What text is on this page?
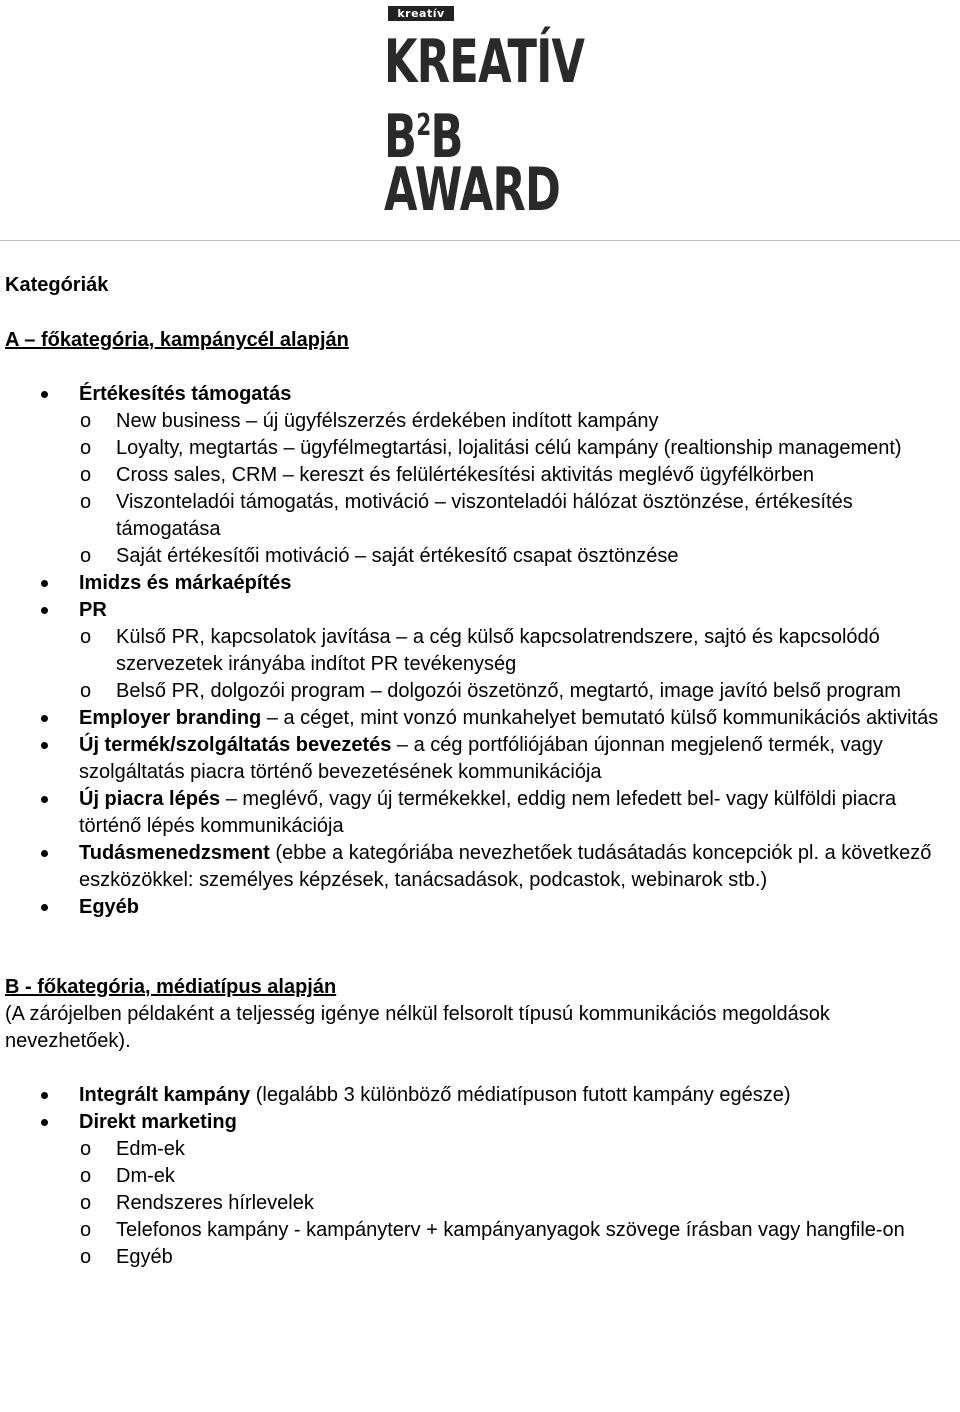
kreatív
KREATÍV
$B^2B$
AWARD

Kategóriák

A – főkategória, kampánycél alapján

Értékesítés támogatás
o New business – új ügyfélszerzés érdekében indított kampány
o Loyalty, megtartás – ügyfélmegtartási, lojalitási célú kampány (realtionship management)
o Cross sales, CRM – kereszt és felülértékesítési aktivitás meglévő ügyfélkörben
o Viszonteladói támogatás, motiváció – viszonteladói hálózat ösztönzése, értékesítés támogatása
o Saját értékesítői motiváció – saját értékesítő csapat ösztönzése
Imidzs és márkaépítés
PR
o Külső PR, kapcsolatok javítása – a cég külső kapcsolatrendszere, sajtó és kapcsolódó szervezetek irányába indítot PR tevékenység
o Belső PR, dolgozói program – dolgozói öszetönző, megtartó, image javító belső program
Employer branding – a céget, mint vonzó munkahelyet bemutató külső kommunikációs aktivitás
Új termék/szolgáltatás bevezetés – a cég portfóliójában újonnan megjelenő termék, vagy szolgáltatás piacra történő bevezetésének kommunikációja
Új piacra lépés – meglévő, vagy új termékekkel, eddig nem lefedett bel- vagy külföldi piacra történő lépés kommunikációja
Tudásmenedzsment (ebbe a kategóriába nevezhetőek tudásátadás koncepciók pl. a következő eszközökkel: személyes képzések, tanácsadások, podcastok, webinarok stb.)
Egyéb

B - főkategória, médiatípus alapján

(A zárójelben példaként a teljesség igénye nélkül felsorolt típusú kommunikációs megoldások nevezhetőek).

Integrált kampány (legalább 3 különböző médiatípuson futott kampány egésze)
Direkt marketing
o Edm-ek
o Dm-ek
o Rendszeres hírlevelek
o Telefonos kampány - kampányterv + kampányanyagok szövege írásban vagy hangfile-on
o Egyéb
